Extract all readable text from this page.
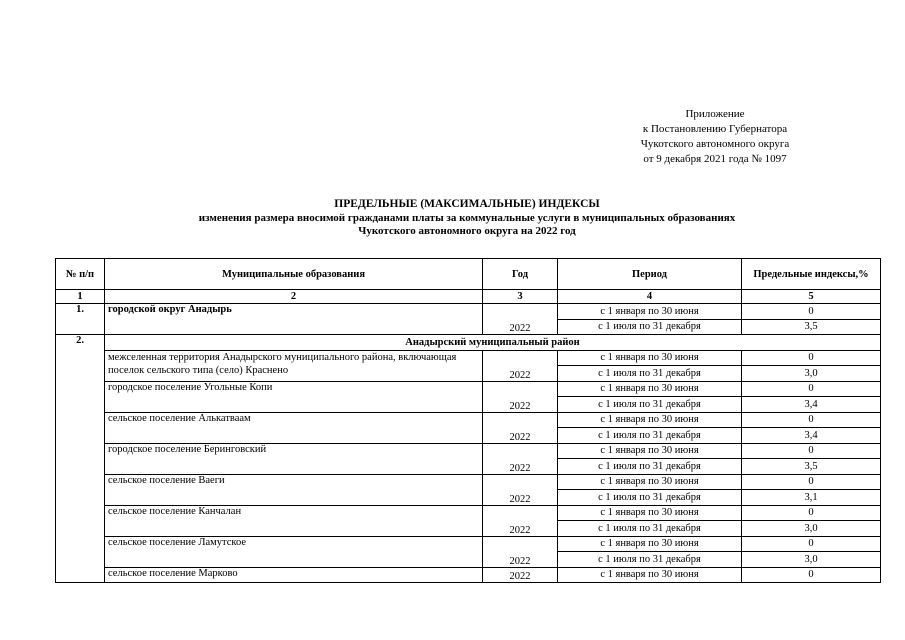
Приложение
к Постановлению Губернатора
Чукотского автономного округа
от 9 декабря 2021 года № 1097
ПРЕДЕЛЬНЫЕ (МАКСИМАЛЬНЫЕ) ИНДЕКСЫ
изменения размера вносимой гражданами платы за коммунальные услуги в муниципальных образованиях
Чукотского автономного округа на 2022 год
№ п/п	Муниципальные образования	Год	Период	Предельные индексы,%
1	2	3	4	5
1.	городской округ Анадырь	2022	с 1 января по 30 июня	0
			с 1 июля по 31 декабря	3,5
2.	Анадырский муниципальный район			

	межселенная территория Анадырского муниципального района, включающая поселок сельского типа (село) Краснено	2022	с 1 января по 30 июня	0
			с 1 июля по 31 декабря	3,0
	городское поселение Угольные Копи	2022	с 1 января по 30 июня	0
			с 1 июля по 31 декабря	3,4
	сельское поселение Алькатваам	2022	с 1 января по 30 июня	0
			с 1 июля по 31 декабря	3,4
	городское поселение Беринговский	2022	с 1 января по 30 июня	0
			с 1 июля по 31 декабря	3,5
	сельское поселение Ваеги	2022	с 1 января по 30 июня	0
			с 1 июля по 31 декабря	3,1
	сельское поселение Канчалан	2022	с 1 января по 30 июня	0
			с 1 июля по 31 декабря	3,0
	сельское поселение Ламутское	2022	с 1 января по 30 июня	0
			с 1 июля по 31 декабря	3,0
	сельское поселение Марково	2022	с 1 января по 30 июня	0
